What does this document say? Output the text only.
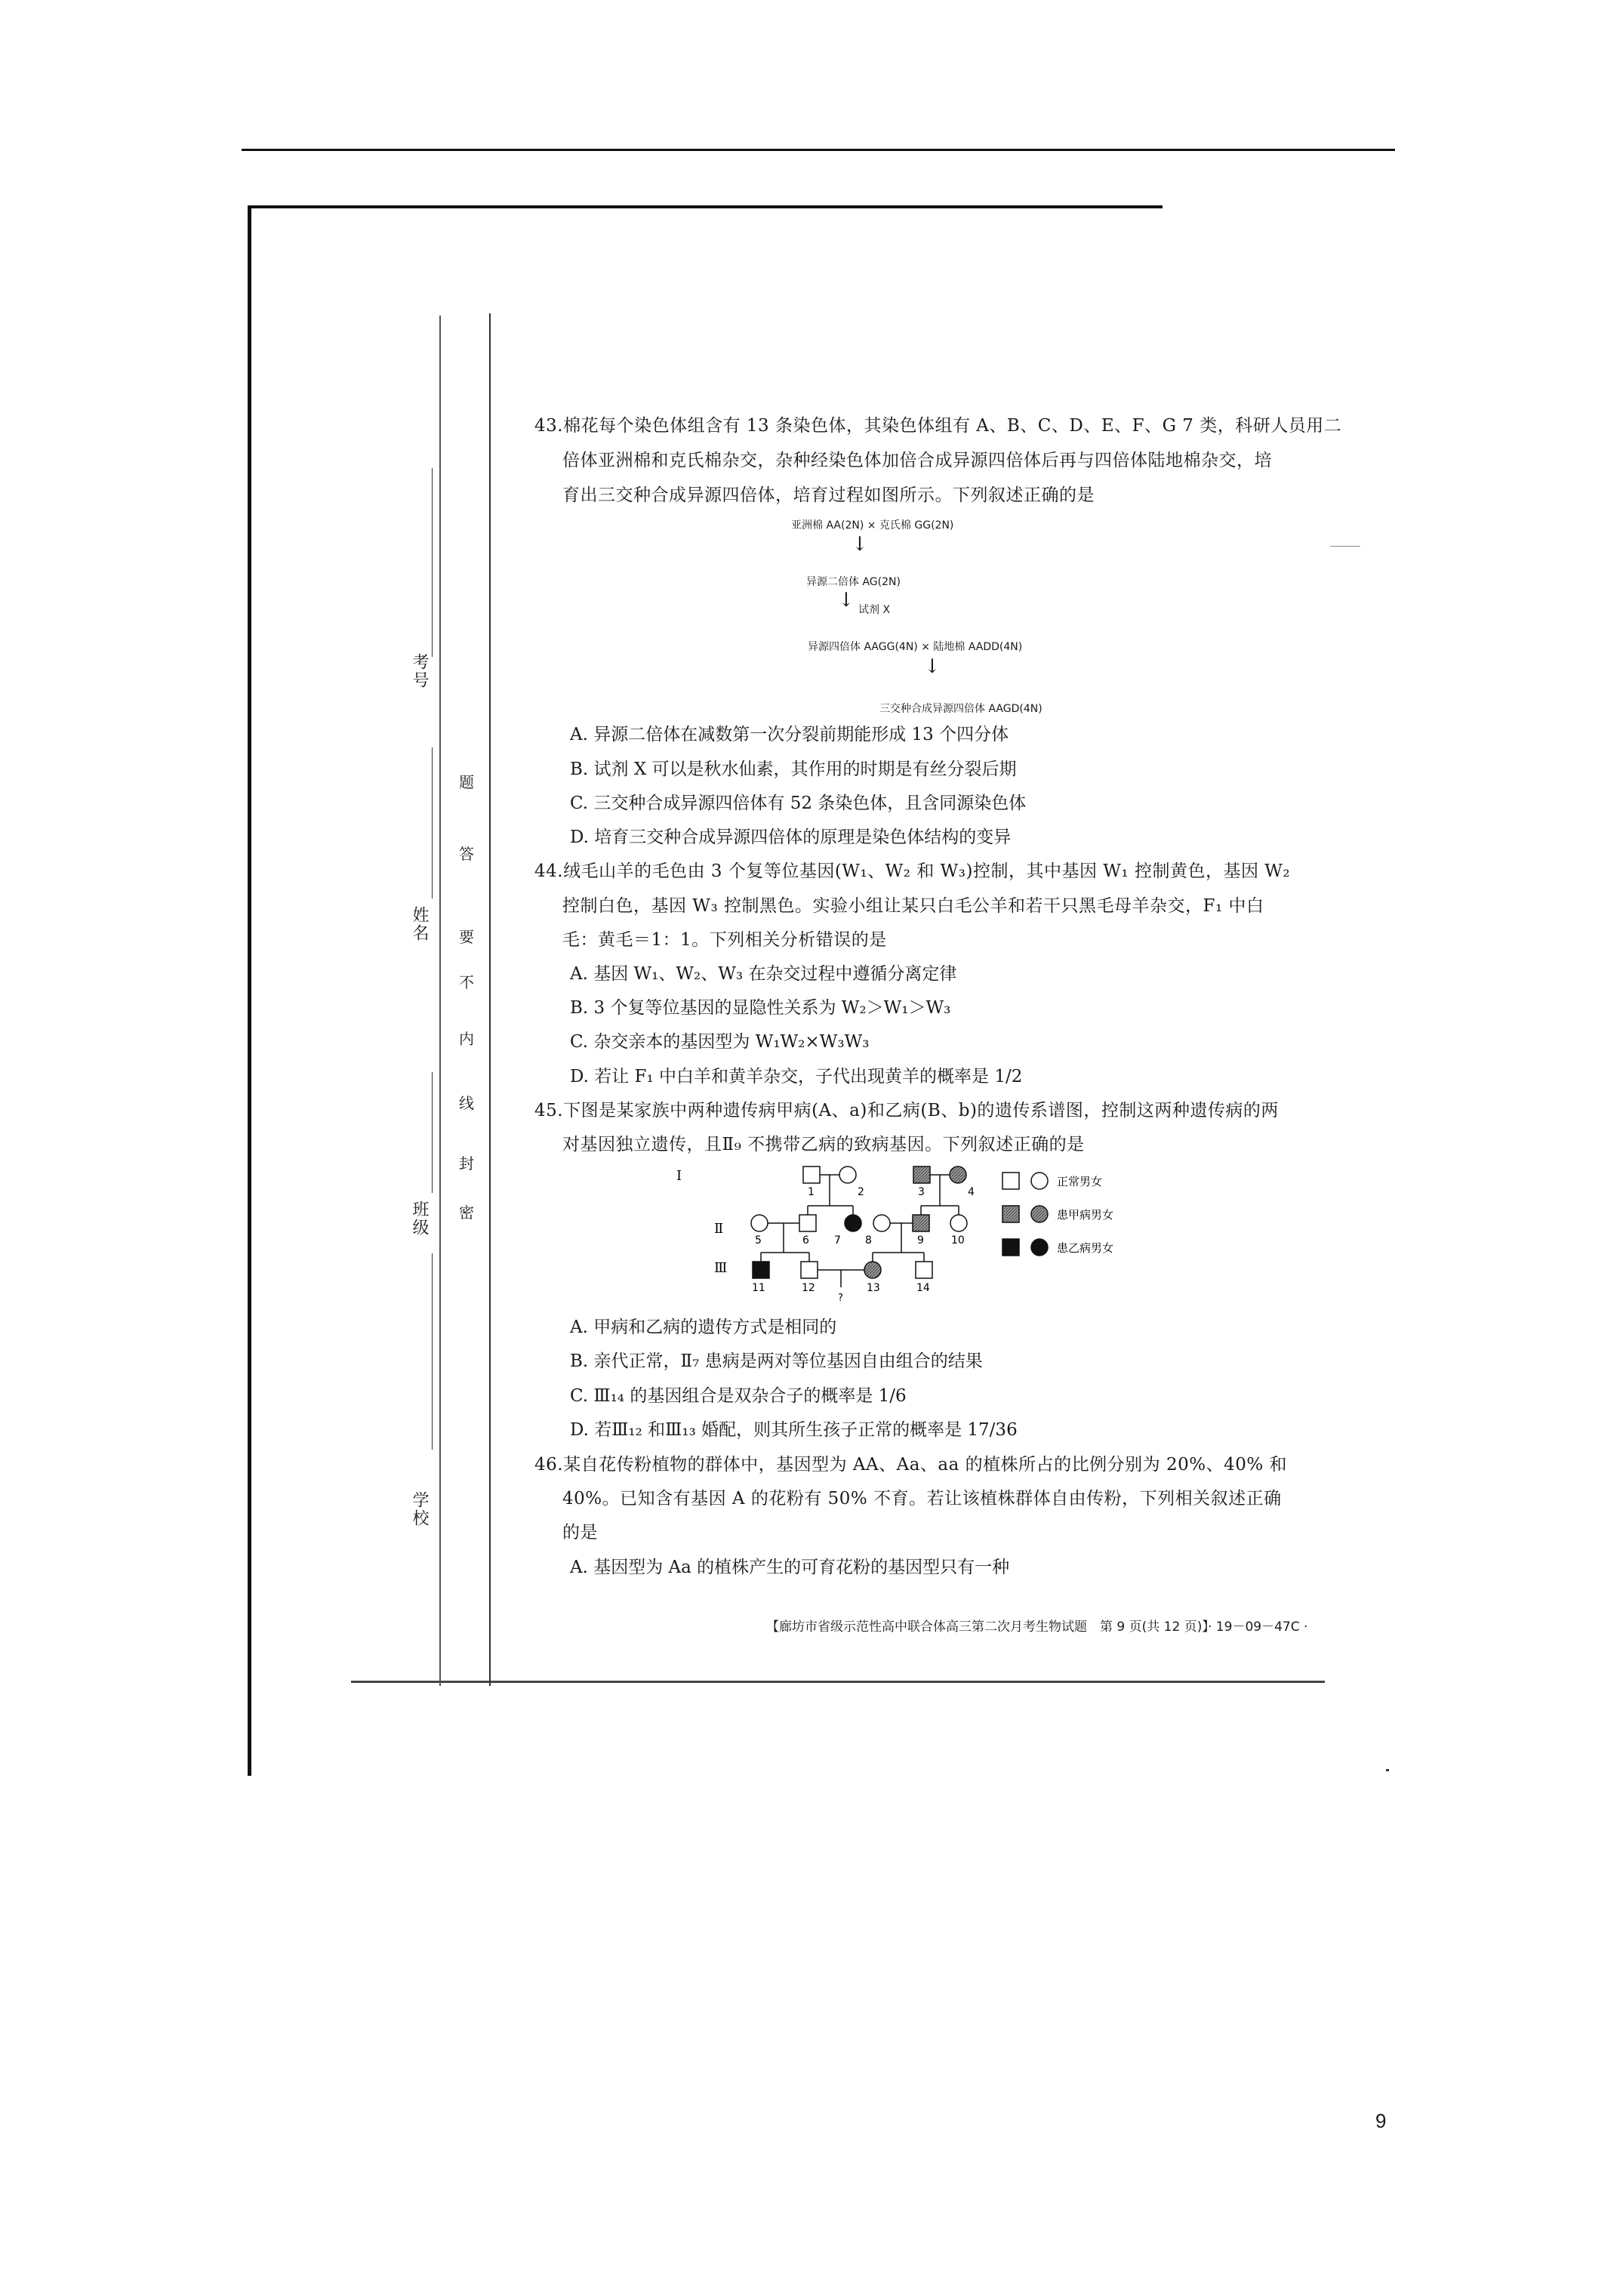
考号
姓名
班级
学校
密
封
线
内
不
要
答
题
43.棉花每个染色体组含有 13 条染色体，其染色体组有 A、B、C、D、E、F、G 7 类，科研人员用二
倍体亚洲棉和克氏棉杂交，杂种经染色体加倍合成异源四倍体后再与四倍体陆地棉杂交，培
育出三交种合成异源四倍体，培育过程如图所示。下列叙述正确的是
亚洲棉 AA(2N) × 克氏棉 GG(2N)
↓
异源二倍体 AG(2N)
↓ 试剂 X
异源四倍体 AAGG(4N) × 陆地棉 AADD(4N)
↓
三交种合成异源四倍体 AAGD(4N)
A. 异源二倍体在减数第一次分裂前期能形成 13 个四分体
B. 试剂 X 可以是秋水仙素，其作用的时期是有丝分裂后期
C. 三交种合成异源四倍体有 52 条染色体，且含同源染色体
D. 培育三交种合成异源四倍体的原理是染色体结构的变异
44.绒毛山羊的毛色由 3 个复等位基因(W₁、W₂ 和 W₃)控制，其中基因 W₁ 控制黄色，基因 W₂
控制白色，基因 W₃ 控制黑色。实验小组让某只白毛公羊和若干只黑毛母羊杂交，F₁ 中白
毛：黄毛＝1：1。下列相关分析错误的是
A. 基因 W₁、W₂、W₃ 在杂交过程中遵循分离定律
B. 3 个复等位基因的显隐性关系为 W₂＞W₁＞W₃
C. 杂交亲本的基因型为 W₁W₂×W₃W₃
D. 若让 F₁ 中白羊和黄羊杂交，子代出现黄羊的概率是 1/2
45.下图是某家族中两种遗传病甲病(A、a)和乙病(B、b)的遗传系谱图，控制这两种遗传病的两
对基因独立遗传，且Ⅱ₉ 不携带乙病的致病基因。下列叙述正确的是
Ⅰ
Ⅱ
Ⅲ
1	2	3	4
5	6 7 8	9	10
11	12	13	14
?
正常男女
患甲病男女
患乙病男女
A. 甲病和乙病的遗传方式是相同的
B. 亲代正常，Ⅱ₇ 患病是两对等位基因自由组合的结果
C. Ⅲ₁₄ 的基因组合是双杂合子的概率是 1/6
D. 若Ⅲ₁₂ 和Ⅲ₁₃ 婚配，则其所生孩子正常的概率是 17/36
46.某自花传粉植物的群体中，基因型为 AA、Aa、aa 的植株所占的比例分别为 20%、40% 和
40%。已知含有基因 A 的花粉有 50% 不育。若让该植株群体自由传粉，下列相关叙述正确
的是
A. 基因型为 Aa 的植株产生的可育花粉的基因型只有一种
【廊坊市省级示范性高中联合体高三第二次月考生物试题　第 9 页(共 12 页)】
· 19－09－47C ·
9
